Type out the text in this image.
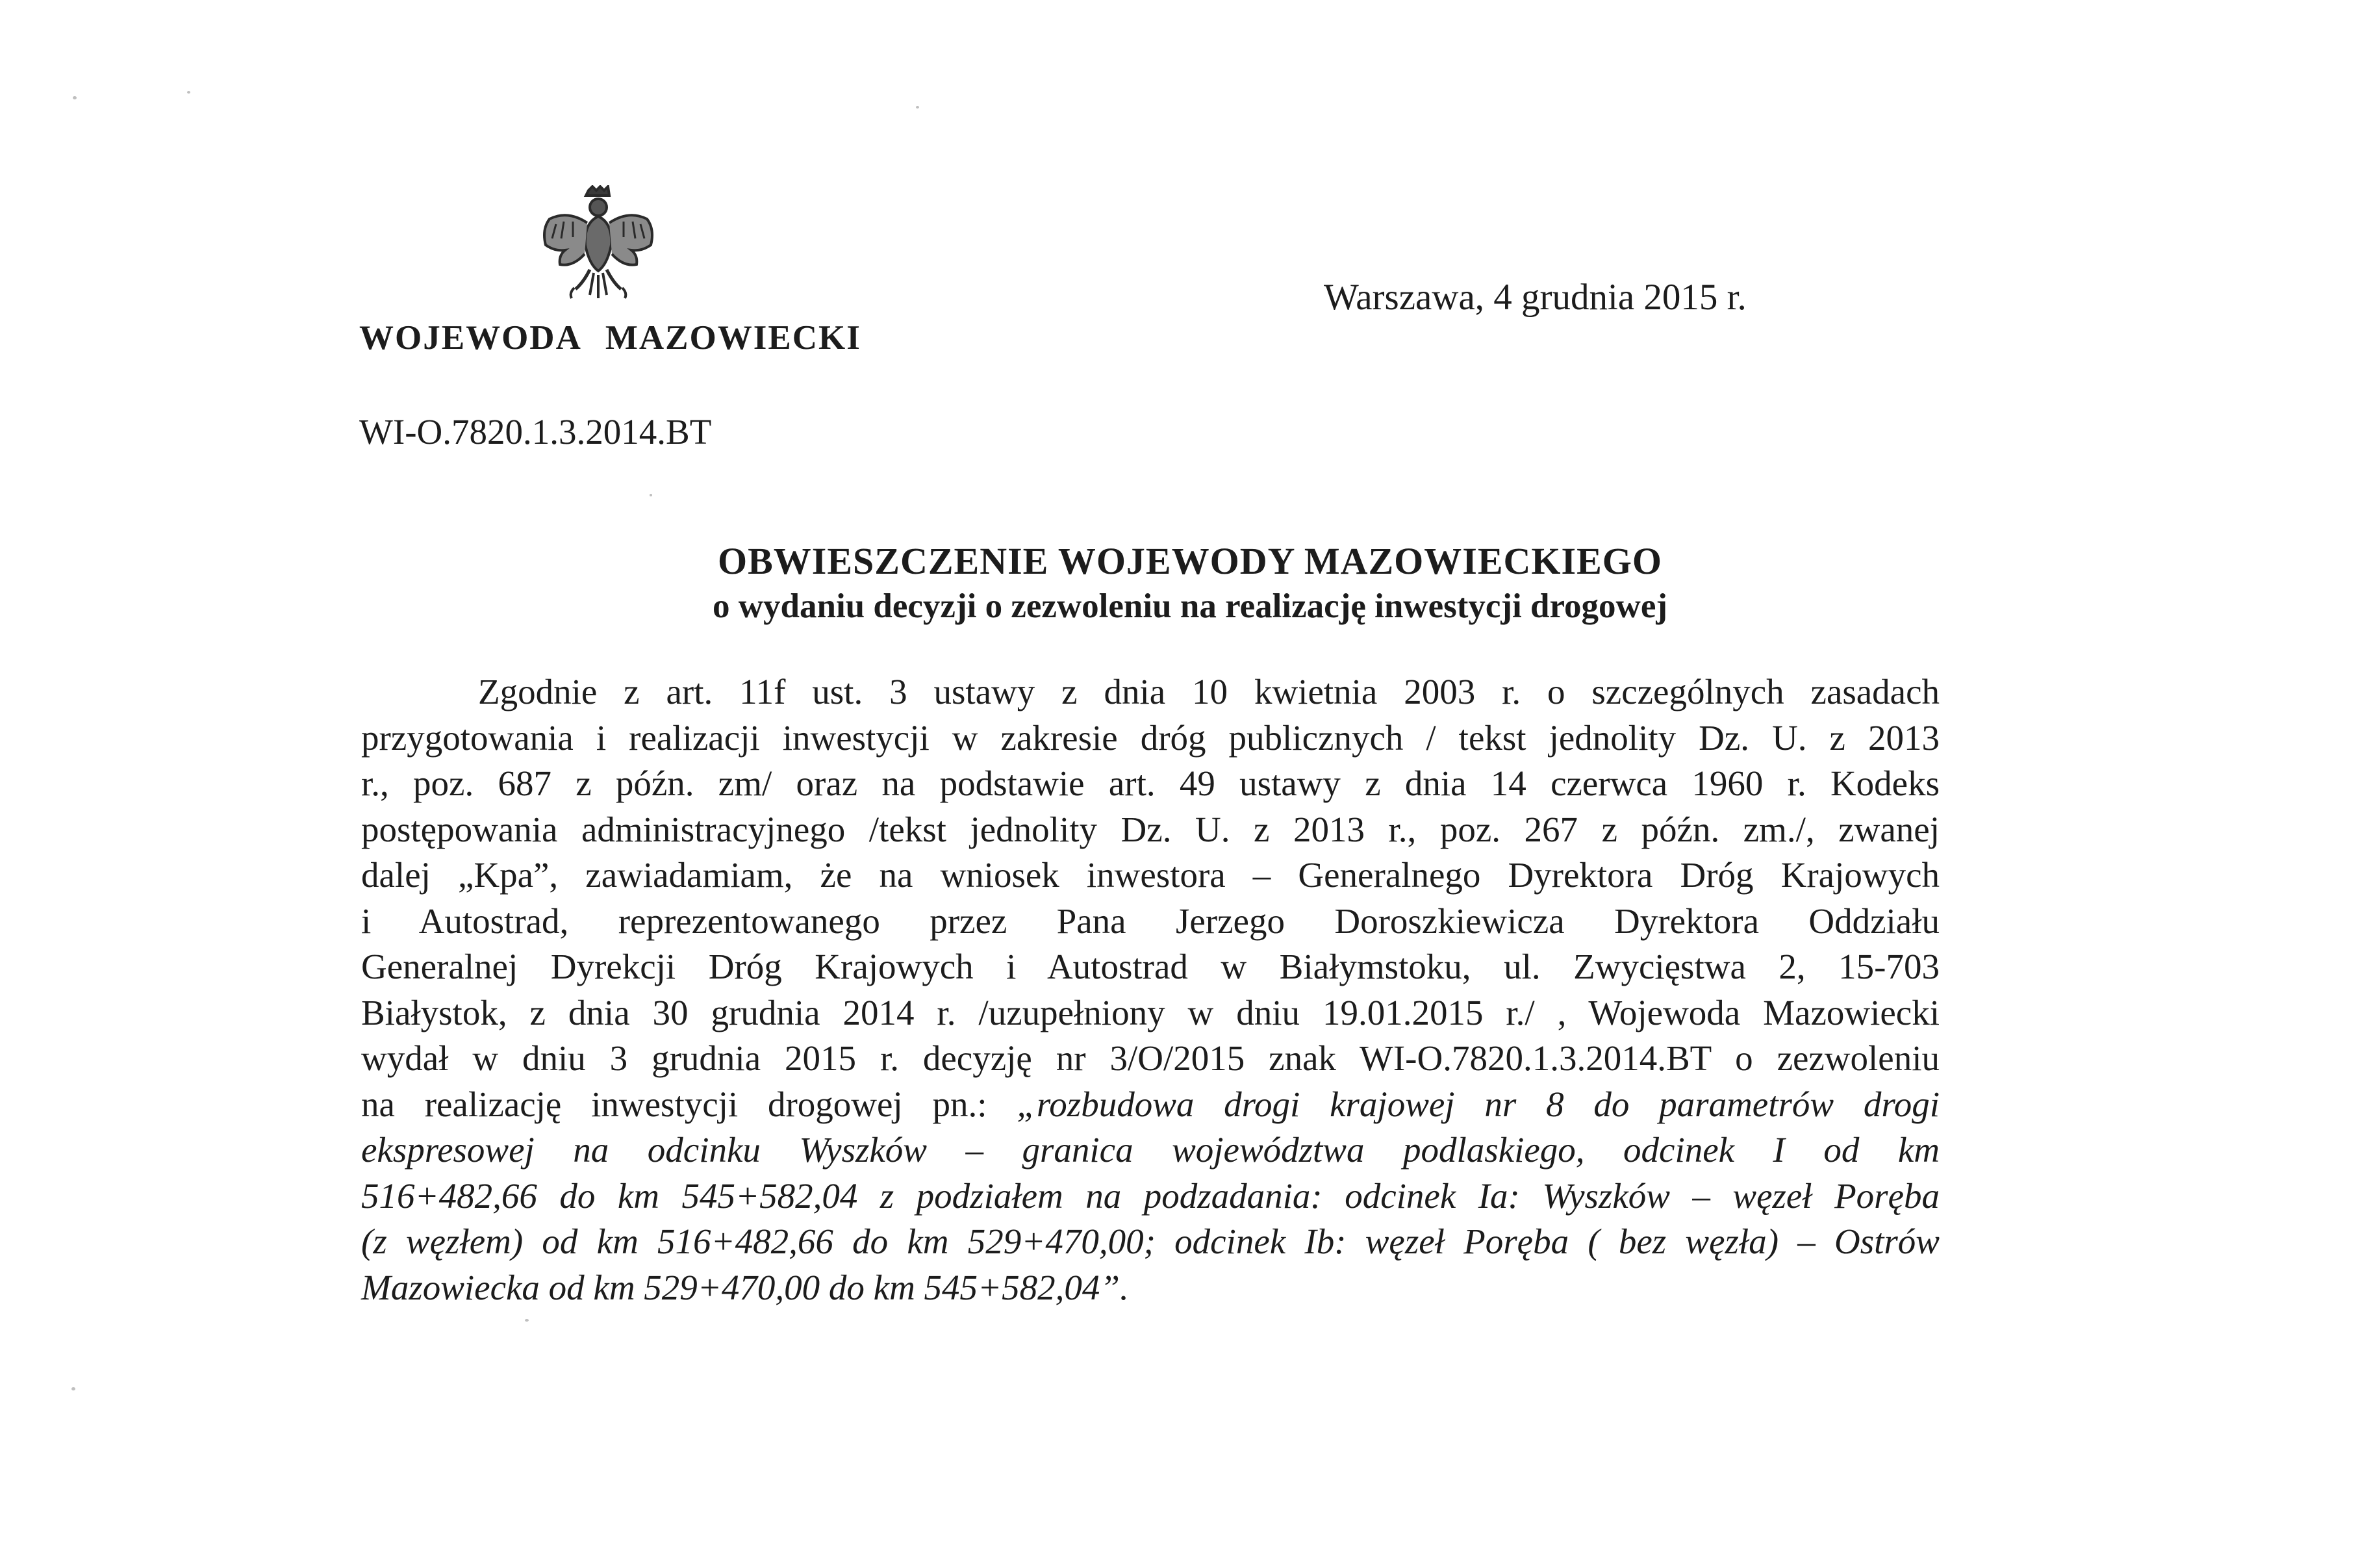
WOJEWODA MAZOWIECKI
Warszawa, 4 grudnia 2015 r.
WI-O.7820.1.3.2014.BT
OBWIESZCZENIE WOJEWODY MAZOWIECKIEGO
o wydaniu decyzji o zezwoleniu na realizację inwestycji drogowej
Zgodnie z art. 11f ust. 3 ustawy z dnia 10 kwietnia 2003 r. o szczególnych zasadach
przygotowania i realizacji inwestycji w zakresie dróg publicznych / tekst jednolity Dz. U. z 2013
r., poz. 687 z późn. zm/ oraz na podstawie art. 49 ustawy z dnia 14 czerwca 1960 r. Kodeks
postępowania administracyjnego /tekst jednolity Dz. U. z 2013 r., poz. 267 z późn. zm./, zwanej
dalej „Kpa”, zawiadamiam, że na wniosek inwestora – Generalnego Dyrektora Dróg Krajowych
i Autostrad, reprezentowanego przez Pana Jerzego Doroszkiewicza Dyrektora Oddziału
Generalnej Dyrekcji Dróg Krajowych i Autostrad w Białymstoku, ul. Zwycięstwa 2, 15-703
Białystok, z dnia 30 grudnia 2014 r. /uzupełniony w dniu 19.01.2015 r./ , Wojewoda Mazowiecki
wydał w dniu 3 grudnia 2015 r. decyzję nr 3/O/2015 znak WI-O.7820.1.3.2014.BT o zezwoleniu
na realizację inwestycji drogowej pn.: „rozbudowa drogi krajowej nr 8 do parametrów drogi
ekspresowej na odcinku Wyszków – granica województwa podlaskiego, odcinek I od km
516+482,66 do km 545+582,04 z podziałem na podzadania: odcinek Ia: Wyszków – węzeł Poręba
(z węzłem) od km 516+482,66 do km 529+470,00; odcinek Ib: węzeł Poręba ( bez węzła) – Ostrów
Mazowiecka od km 529+470,00 do km 545+582,04”.
